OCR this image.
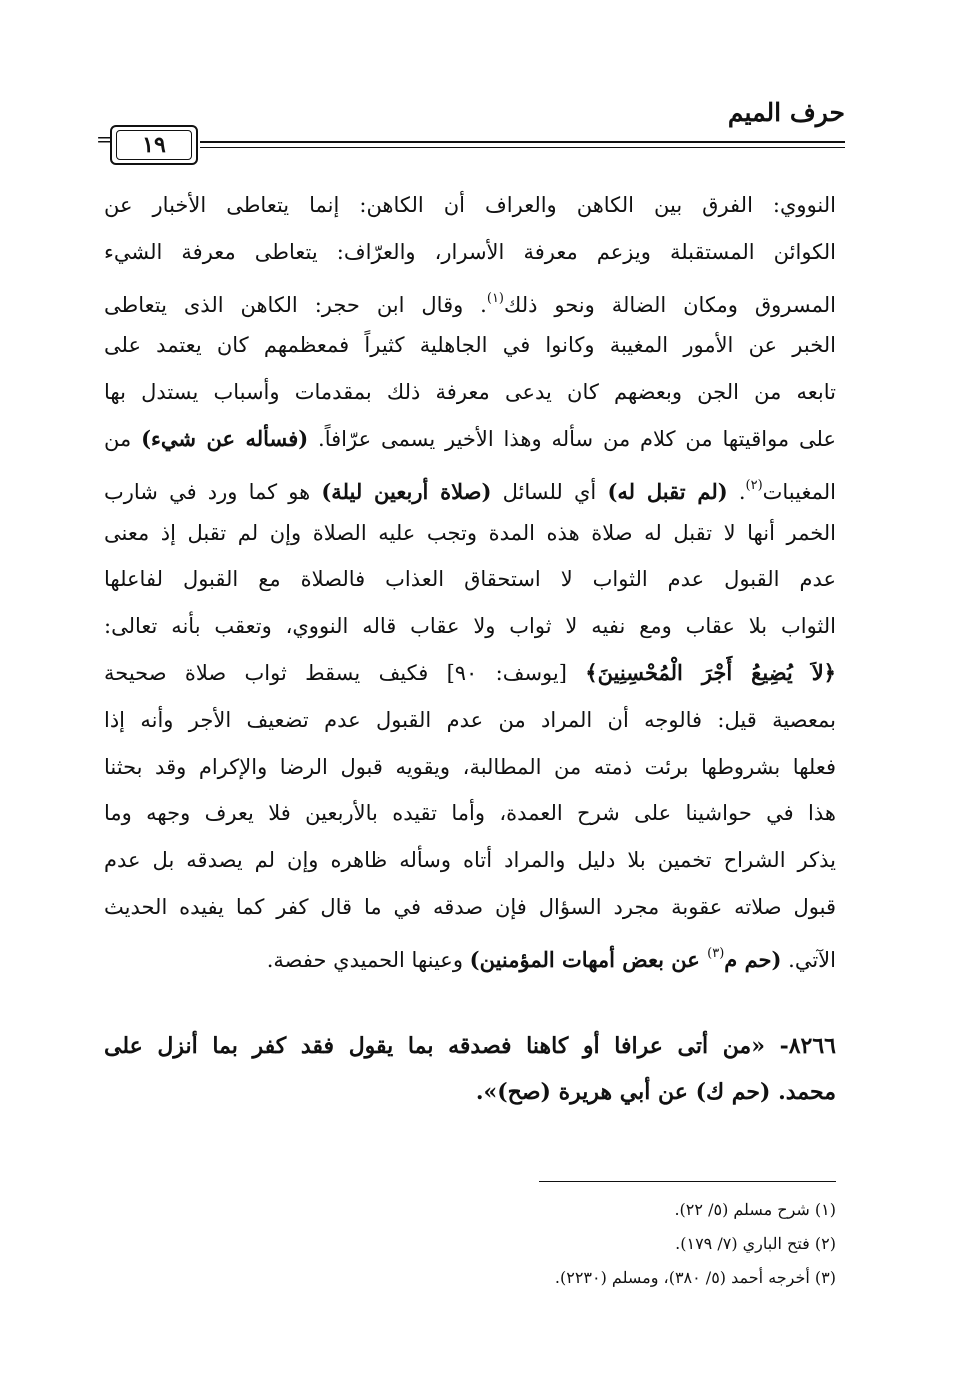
حرف الميم
=	١٩
النووي: الفرق بين الكاهن والعراف أن الكاهن: إنما يتعاطى الأخبار عن
الكوائن المستقبلة ويزعم معرفة الأسرار، والعرّاف: يتعاطى معرفة الشيء
المسروق ومكان الضالة ونحو ذلك$^{(١)}$. وقال ابن حجر: الكاهن الذى يتعاطى
الخبر عن الأمور المغيبة وكانوا في الجاهلية كثيراً فمعظمهم كان يعتمد على
تابعه من الجن وبعضهم كان يدعى معرفة ذلك بمقدمات وأسباب يستدل بها
على مواقيتها من كلام من سأله وهذا الأخير يسمى عرّافاً. (فسأله عن شيء) من
المغيبات$^{(٢)}$. (لم تقبل له) أي للسائل (صلاة أربعين ليلة) هو كما ورد في شارب
الخمر أنها لا تقبل له صلاة هذه المدة وتجب عليه الصلاة وإن لم تقبل إذ معنى
عدم القبول عدم الثواب لا استحقاق العذاب فالصلاة مع القبول لفاعلها
الثواب بلا عقاب ومع نفيه لا ثواب ولا عقاب قاله النووي، وتعقب بأنه تعالى:
﴿لاَ يُضِيعُ أَجْرَ الْمُحْسِنِينَ﴾ [يوسف: ٩٠] فكيف يسقط ثواب صلاة صحيحة
بمعصية قيل: فالوجه أن المراد من عدم القبول عدم تضعيف الأجر وأنه إذا
فعلها بشروطها برئت ذمته من المطالبة، ويقويه قبول الرضا والإكرام وقد بحثنا
هذا في حواشينا على شرح العمدة، وأما تقيده بالأربعين فلا يعرف وجهه وما
يذكر الشراح تخمين بلا دليل والمراد أتاه وسأله ظاهره وإن لم يصدقه بل عدم
قبول صلاته عقوبة مجرد السؤال فإن صدقه في ما قال كفر كما يفيده الحديث
الآتي. (حم م$^{(٣)}$ عن بعض أمهات المؤمنين) وعينها الحميدي حفصة.
٨٢٦٦- «من أتى عرافا أو كاهنا فصدقه بما يقول فقد كفر بما أنزل على
محمد. (حم ك) عن أبي هريرة (صح)».
(١) شرح مسلم (٥/ ٢٢).
(٢) فتح الباري (٧/ ١٧٩).
(٣) أخرجه أحمد (٥/ ٣٨٠)، ومسلم (٢٢٣٠).
